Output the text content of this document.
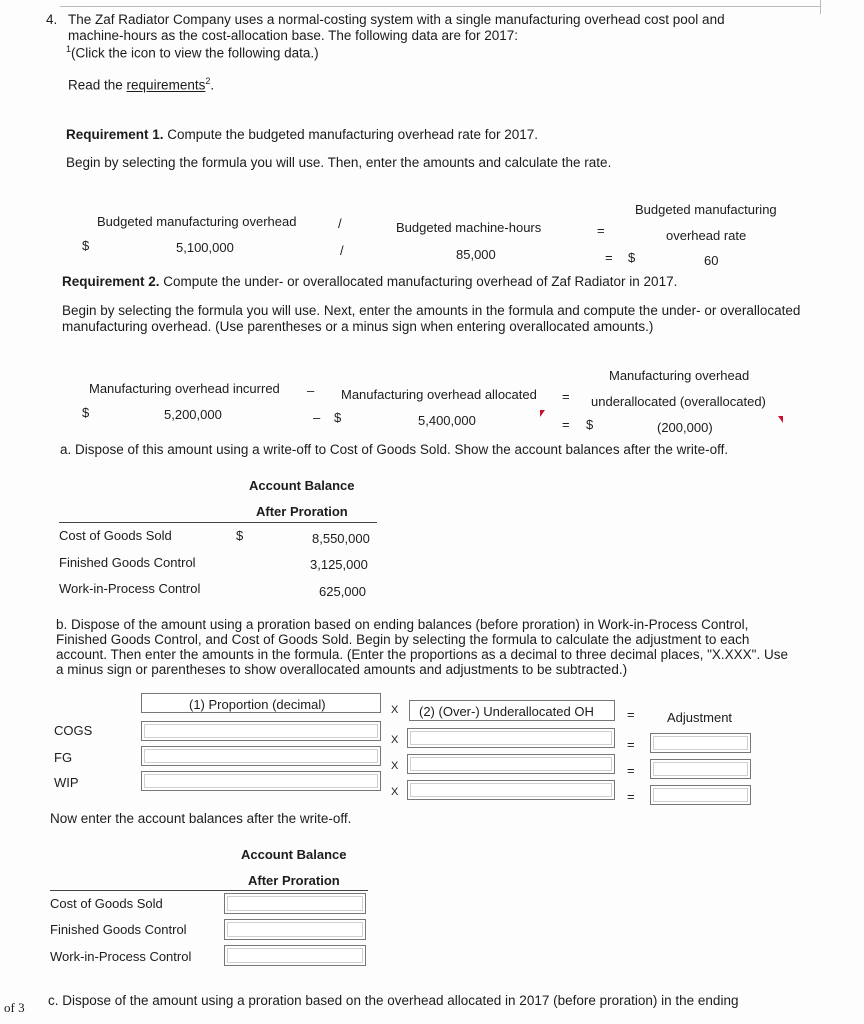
4. The Zaf Radiator Company uses a normal-costing system with a single manufacturing overhead cost pool and
machine-hours as the cost-allocation base. The following data are for 2017:
$^1$(Click the icon to view the following data.)
Read the requirements$^2$.
Requirement 1. Compute the budgeted manufacturing overhead rate for 2017.
Begin by selecting the formula you will use. Then, enter the amounts and calculate the rate.
Budgeted manufacturing overhead	/	Budgeted machine-hours	=
Budgeted manufacturing
overhead rate
$	5,100,000	/	85,000	= $	60
Requirement 2. Compute the under- or overallocated manufacturing overhead of Zaf Radiator in 2017.
Begin by selecting the formula you will use. Next, enter the amounts in the formula and compute the under- or overallocated
manufacturing overhead. (Use parentheses or a minus sign when entering overallocated amounts.)
Manufacturing overhead incurred – Manufacturing overhead allocated =
Manufacturing overhead
underallocated (overallocated)
$	5,200,000	– $	5,400,000	= $	(200,000)
a. Dispose of this amount using a write-off to Cost of Goods Sold. Show the account balances after the write-off.
Account Balance
After Proration
Cost of Goods Sold	$	8,550,000
Finished Goods Control	3,125,000
Work-in-Process Control	625,000
b. Dispose of the amount using a proration based on ending balances (before proration) in Work-in-Process Control,
Finished Goods Control, and Cost of Goods Sold. Begin by selecting the formula to calculate the adjustment to each
account. Then enter the amounts in the formula. (Enter the proportions as a decimal to three decimal places, "X.XXX". Use
a minus sign or parentheses to show overallocated amounts and adjustments to be subtracted.)
(1) Proportion (decimal)	X (2) (Over-) Underallocated OH	= Adjustment
COGS
X	=
FG
X	=
WIP
X	=
Now enter the account balances after the write-off.
Account Balance
After Proration
Cost of Goods Sold
Finished Goods Control
Work-in-Process Control
c. Dispose of the amount using a proration based on the overhead allocated in 2017 (before proration) in the ending
of 3
